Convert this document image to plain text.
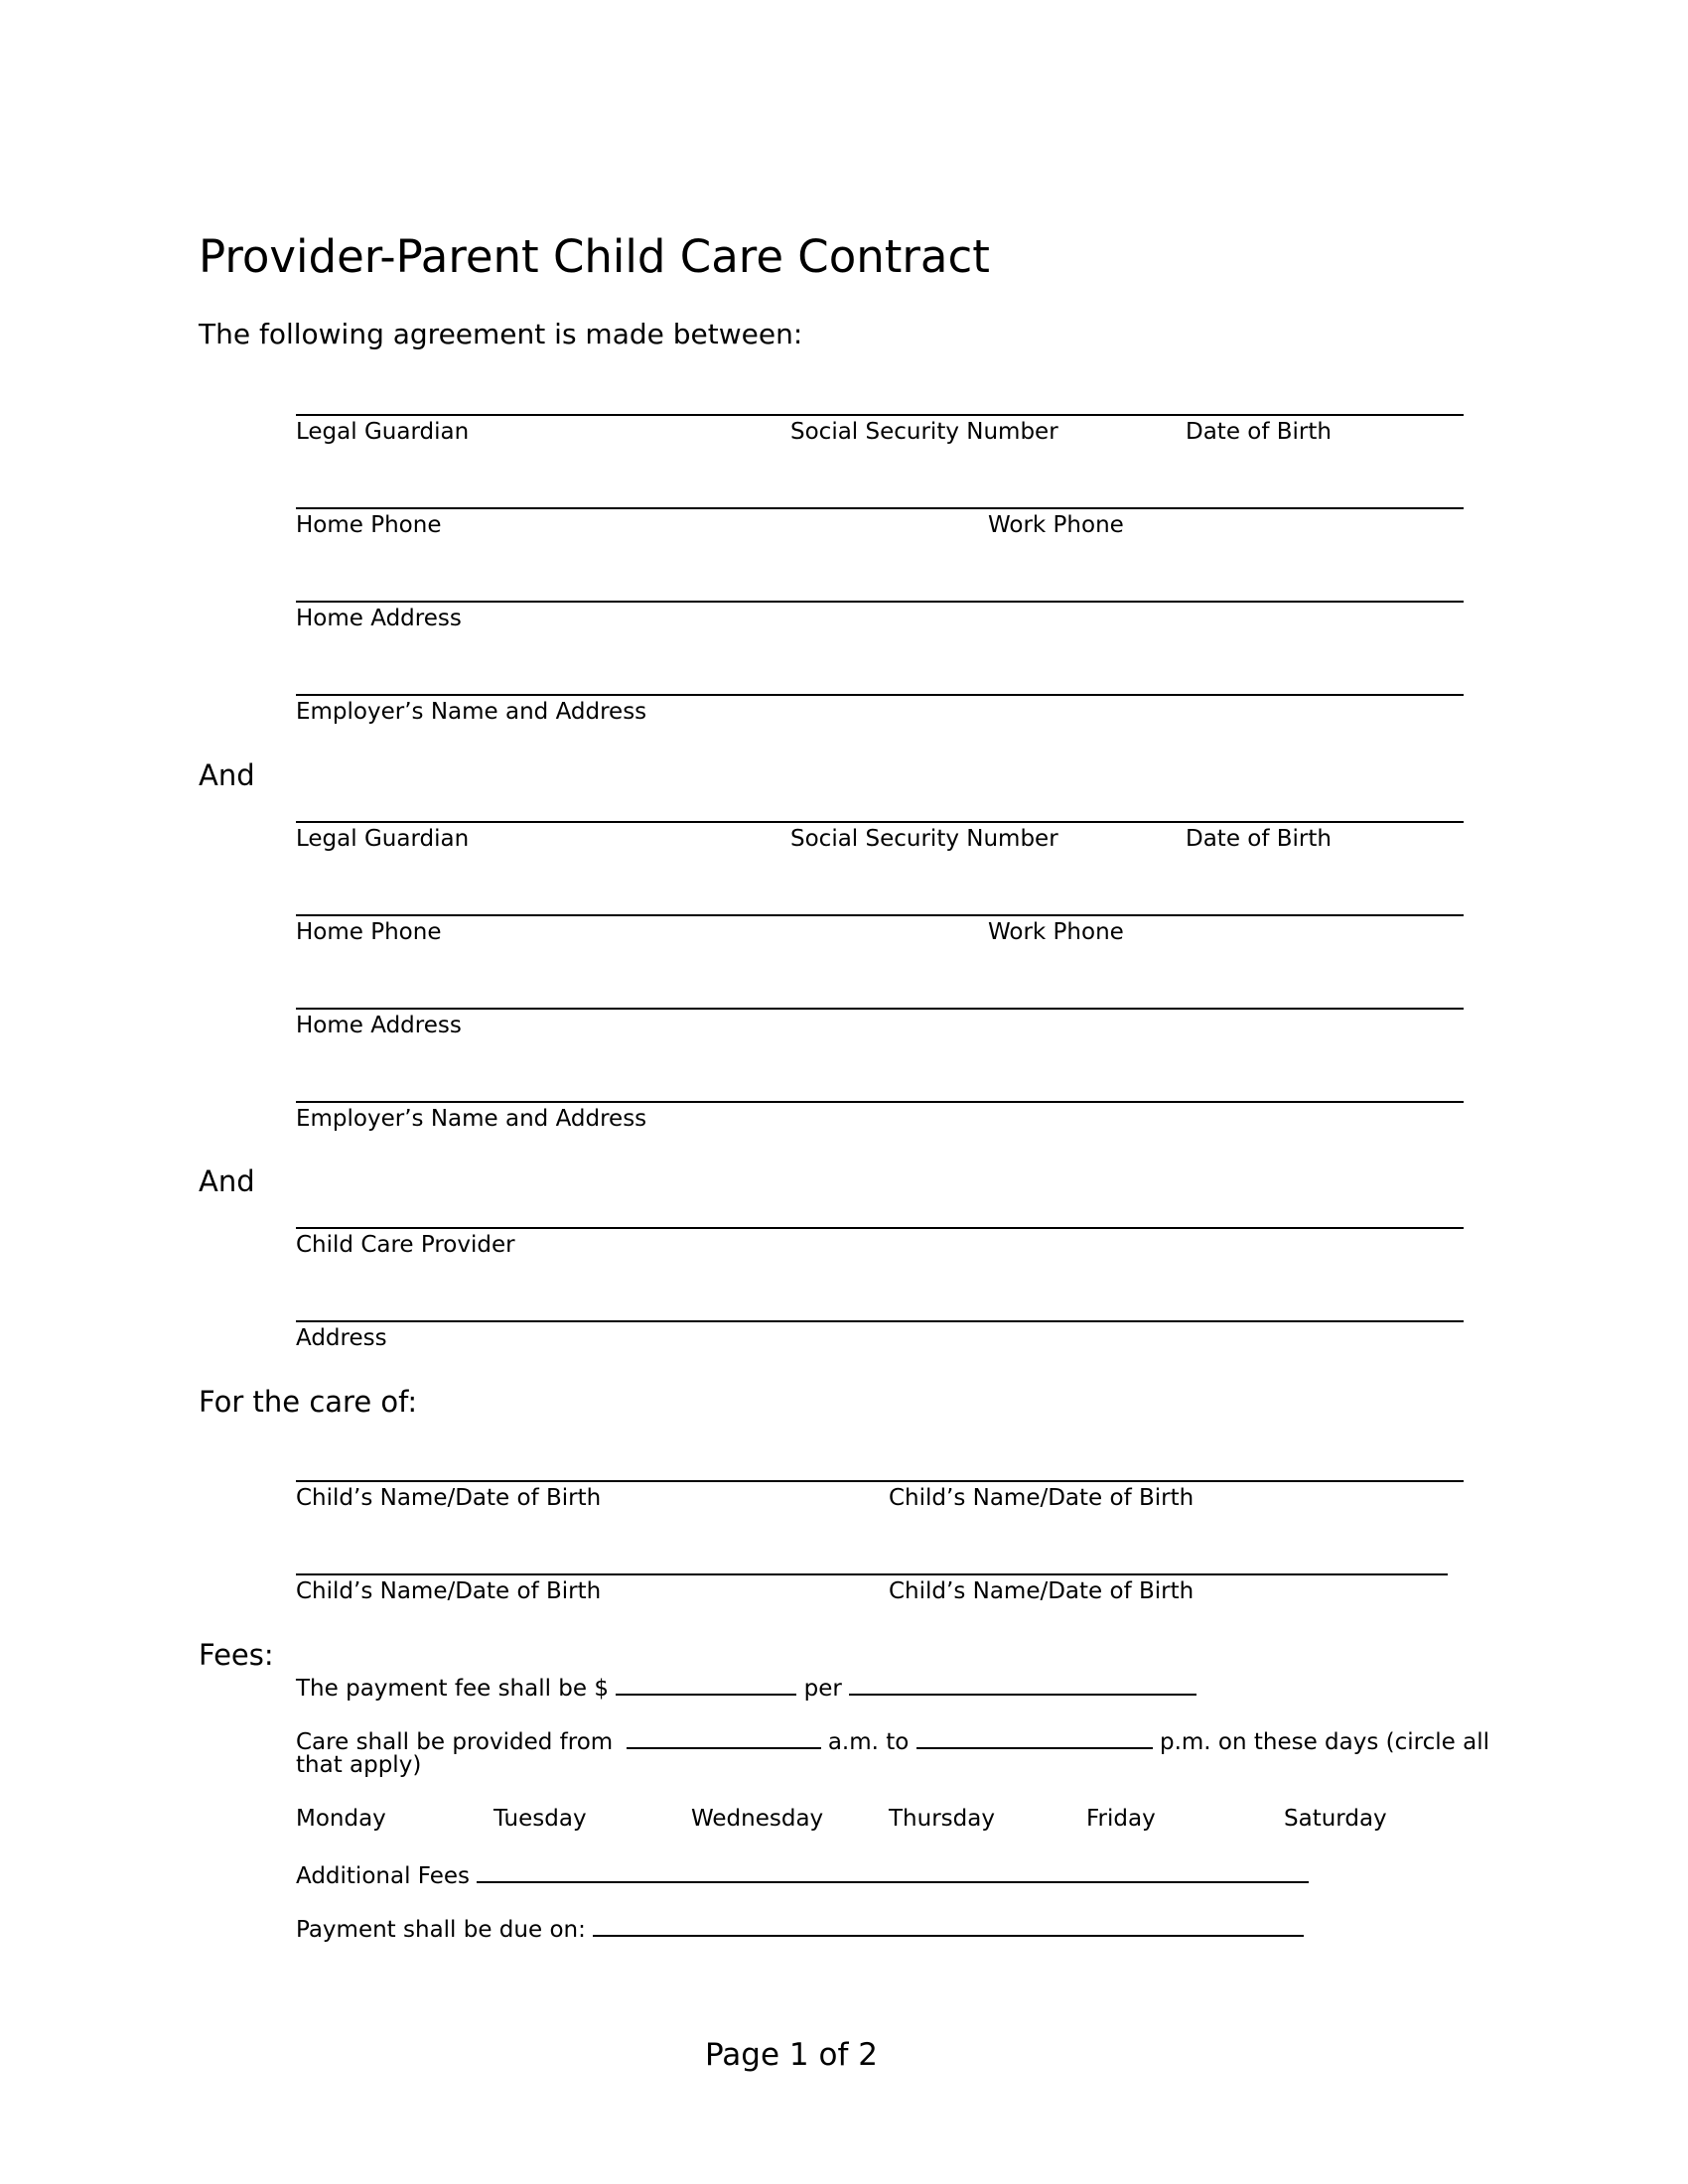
Provider-Parent Child Care Contract
The following agreement is made between:
Legal Guardian	Social Security Number	Date of Birth
Home Phone	Work Phone
Home Address
Employer’s Name and Address
And
Legal Guardian	Social Security Number	Date of Birth
Home Phone	Work Phone
Home Address
Employer’s Name and Address
And
Child Care Provider
Address
For the care of:
Child’s Name/Date of Birth	Child’s Name/Date of Birth
Child’s Name/Date of Birth	Child’s Name/Date of Birth
Fees:
The payment fee shall be $	per
Care shall be provided from	a.m. to	p.m. on these days (circle all
that apply)
Monday	Tuesday	Wednesday	Thursday	Friday	Saturday
Additional Fees
Payment shall be due on:
Page 1 of 2
